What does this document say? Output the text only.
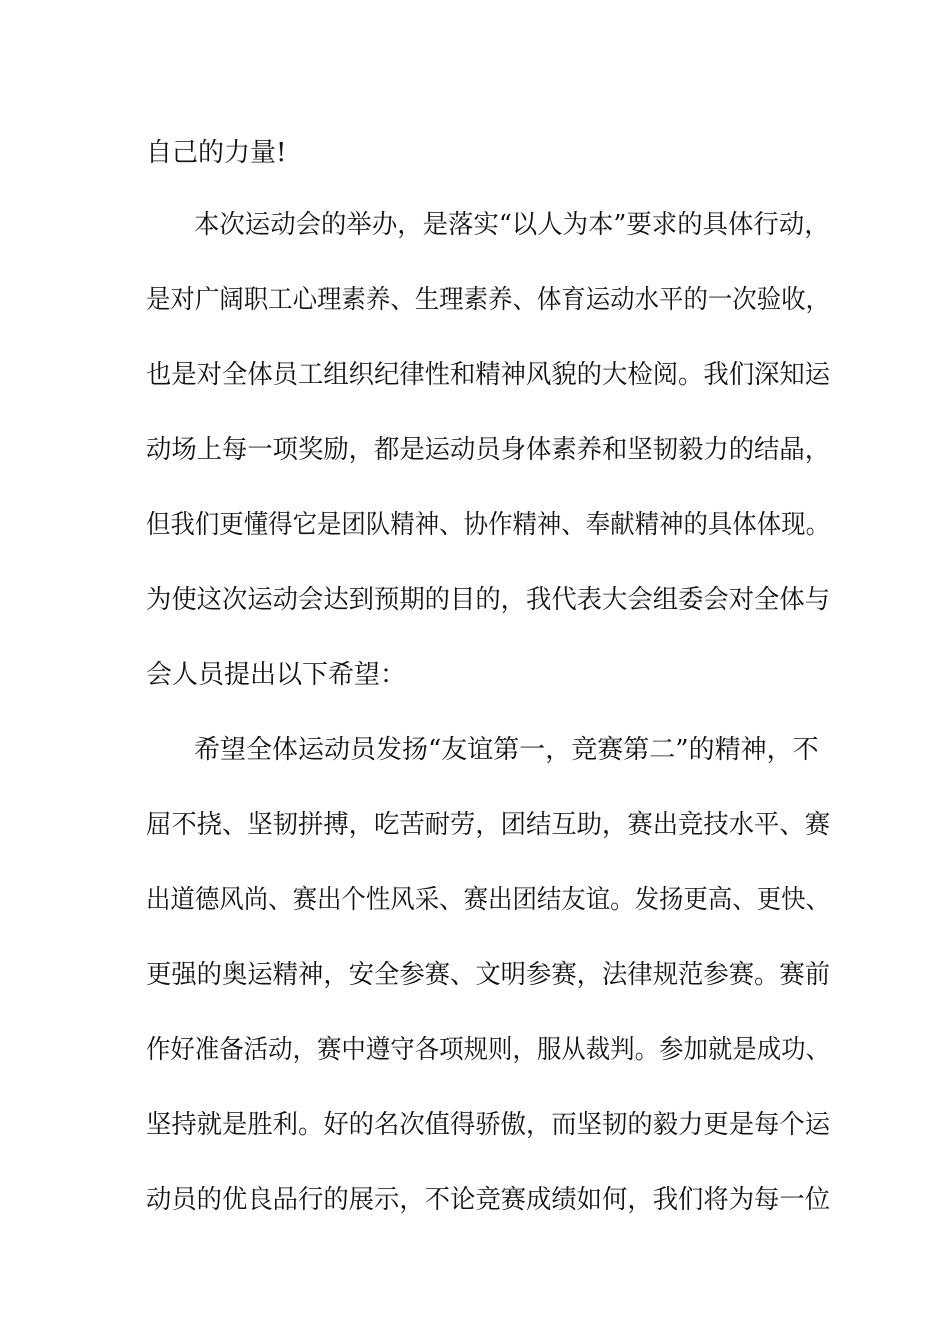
自己的力量!

本次运动会的举办，是落实“以人为本”要求的具体行动，

是对广阔职工心理素养、生理素养、体育运动水平的一次验收，

也是对全体员工组织纪律性和精神风貌的大检阅。我们深知运

动场上每一项奖励，都是运动员身体素养和坚韧毅力的结晶，

但我们更懂得它是团队精神、协作精神、奉献精神的具体体现。

为使这次运动会达到预期的目的，我代表大会组委会对全体与

会人员提出以下希望：

希望全体运动员发扬“友谊第一，竞赛第二”的精神，不

屈不挠、坚韧拼搏，吃苦耐劳，团结互助，赛出竞技水平、赛

出道德风尚、赛出个性风采、赛出团结友谊。发扬更高、更快、

更强的奥运精神，安全参赛、文明参赛，法律规范参赛。赛前

作好准备活动，赛中遵守各项规则，服从裁判。参加就是成功、

坚持就是胜利。好的名次值得骄傲，而坚韧的毅力更是每个运

动员的优良品行的展示，不论竞赛成绩如何，我们将为每一位
